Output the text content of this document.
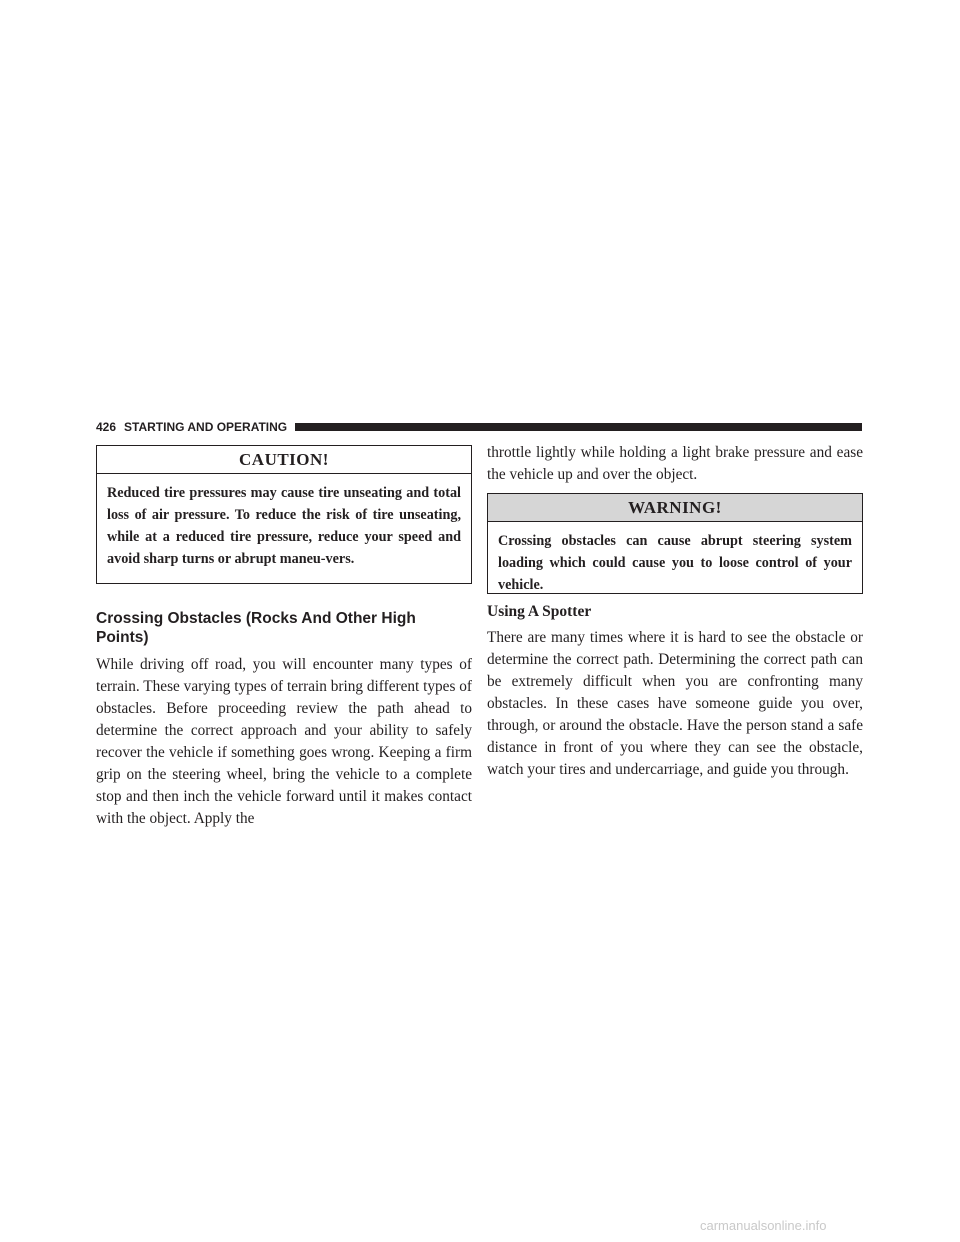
426 STARTING AND OPERATING
CAUTION!
Reduced tire pressures may cause tire unseating and total loss of air pressure. To reduce the risk of tire unseating, while at a reduced tire pressure, reduce your speed and avoid sharp turns or abrupt maneu-vers.
Crossing Obstacles (Rocks And Other High Points)
While driving off road, you will encounter many types of terrain. These varying types of terrain bring different types of obstacles. Before proceeding review the path ahead to determine the correct approach and your ability to safely recover the vehicle if something goes wrong. Keeping a firm grip on the steering wheel, bring the vehicle to a complete stop and then inch the vehicle forward until it makes contact with the object. Apply the
throttle lightly while holding a light brake pressure and ease the vehicle up and over the object.
WARNING!
Crossing obstacles can cause abrupt steering system loading which could cause you to loose control of your vehicle.
Using A Spotter
There are many times where it is hard to see the obstacle or determine the correct path. Determining the correct path can be extremely difficult when you are confronting many obstacles. In these cases have someone guide you over, through, or around the obstacle. Have the person stand a safe distance in front of you where they can see the obstacle, watch your tires and undercarriage, and guide you through.
carmanualsonline.info
